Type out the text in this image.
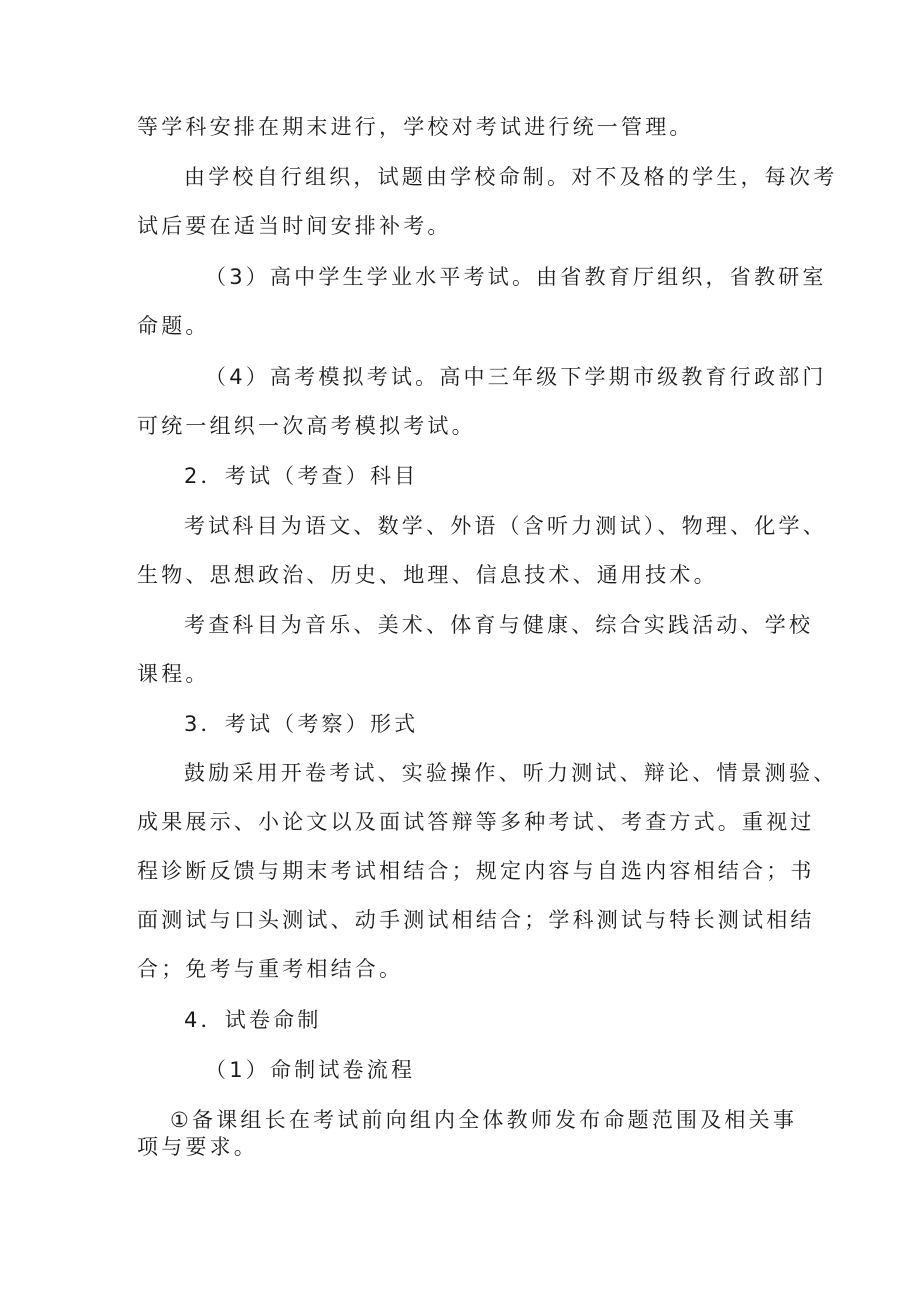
等学科安排在期末进行，学校对考试进行统一管理。
由学校自行组织，试题由学校命制。对不及格的学生，每次考
试后要在适当时间安排补考。
（3）高中学生学业水平考试。由省教育厅组织，省教研室
命题。
（4）高考模拟考试。高中三年级下学期市级教育行政部门
可统一组织一次高考模拟考试。
2．考试（考查）科目
考试科目为语文、数学、外语（含听力测试）、物理、化学、
生物、思想政治、历史、地理、信息技术、通用技术。
考查科目为音乐、美术、体育与健康、综合实践活动、学校
课程。
3．考试（考察）形式
鼓励采用开卷考试、实验操作、听力测试、辩论、情景测验、
成果展示、小论文以及面试答辩等多种考试、考查方式。重视过
程诊断反馈与期末考试相结合；规定内容与自选内容相结合；书
面测试与口头测试、动手测试相结合；学科测试与特长测试相结
合；免考与重考相结合。
4．试卷命制
（1）命制试卷流程
①备课组长在考试前向组内全体教师发布命题范围及相关事
项与要求。
